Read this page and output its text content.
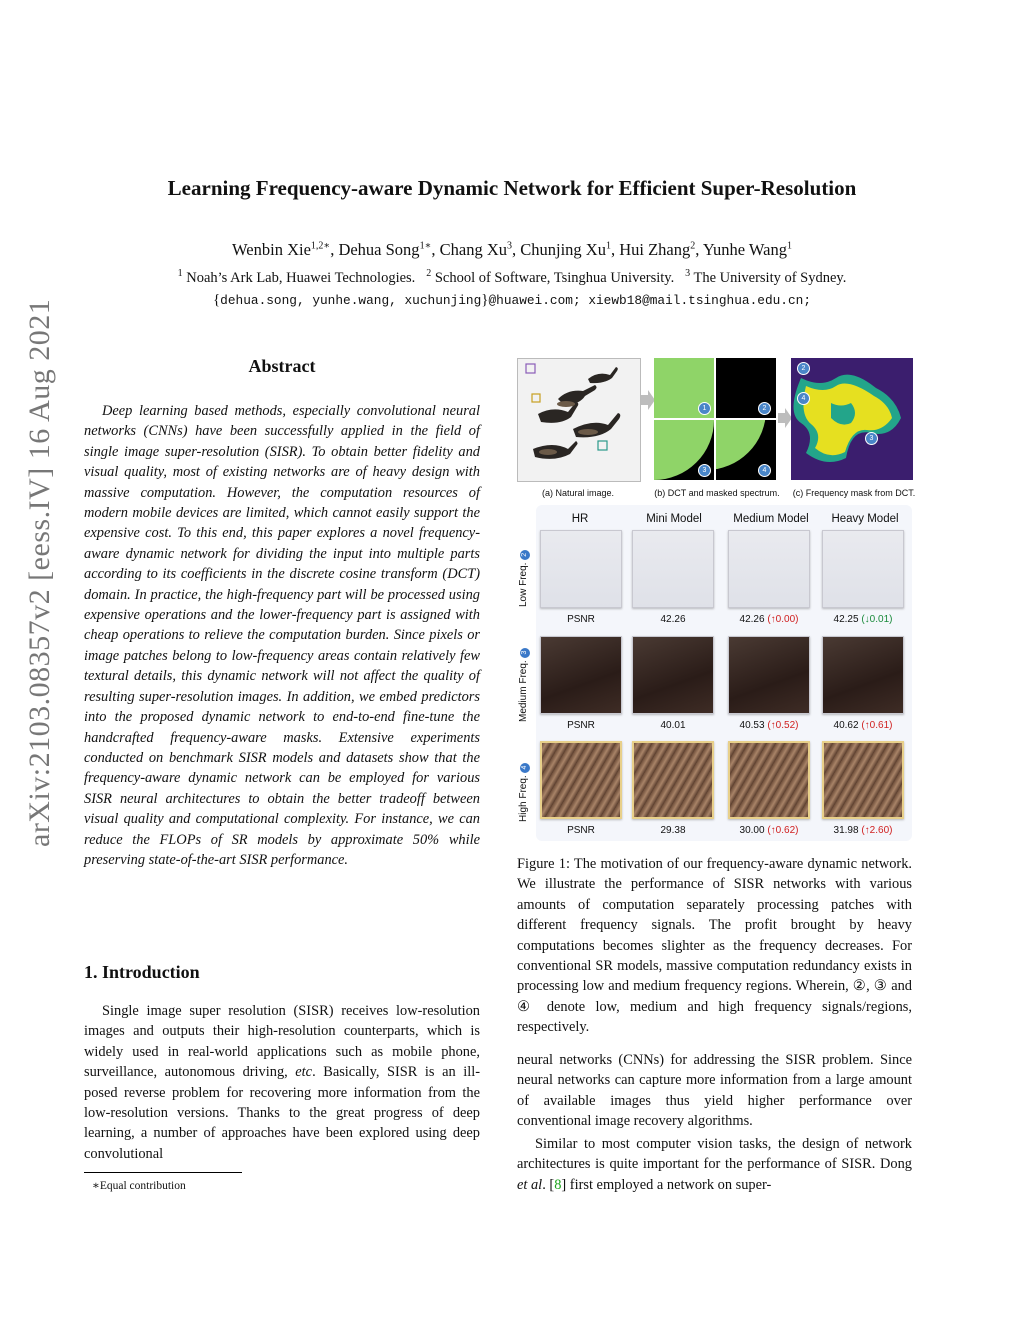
Learning Frequency-aware Dynamic Network for Efficient Super-Resolution
Wenbin Xie$^{1,2∗}$, Dehua Song$^{1∗}$, Chang Xu$^3$, Chunjing Xu$^1$, Hui Zhang$^2$, Yunhe Wang$^1$
$^1$ Noah’s Ark Lab, Huawei Technologies. $^2$ School of Software, Tsinghua University. $^3$ The University of Sydney.
{dehua.song, yunhe.wang, xuchunjing}@huawei.com; xiewb18@mail.tsinghua.edu.cn;
arXiv:2103.08357v2 [eess.IV] 16 Aug 2021	Abstract

Deep learning based methods, especially convolutional neural networks (CNNs) have been successfully applied in the field of single image super-resolution (SISR). To obtain better fidelity and visual quality, most of existing networks are of heavy design with massive computation. However, the computation resources of modern mobile devices are limited, which cannot easily support the expensive cost. To this end, this paper explores a novel frequency-aware dynamic network for dividing the input into multiple parts according to its coefficients in the discrete cosine transform (DCT) domain. In practice, the high-frequency part will be processed using expensive operations and the lower-frequency part is assigned with cheap operations to relieve the computation burden. Since pixels or image patches belong to low-frequency areas contain relatively few textural details, this dynamic network will not affect the quality of resulting super-resolution images. In addition, we embed predictors into the proposed dynamic network to end-to-end fine-tune the handcrafted frequency-aware masks. Extensive experiments conducted on benchmark SISR models and datasets show that the frequency-aware dynamic network can be employed for various SISR neural architectures to obtain the better tradeoff between visual quality and computational complexity. For instance, we can reduce the FLOPs of SR models by approximate 50% while preserving state-of-the-art SISR performance.

1. Introduction

Single image super resolution (SISR) receives low-resolution images and outputs their high-resolution counterparts, which is widely used in real-world applications such as mobile phone, surveillance, autonomous driving, etc. Basically, SISR is an ill-posed reverse problem for recovering more information from the low-resolution versions. Thanks to the great progress of deep learning, a number of approaches have been explored using deep convolutional

∗Equal contribution
1	2
3	4
2
4
3
(a) Natural image.	(b) DCT and masked spectrum.	(c) Frequency mask from DCT.
HR	Mini Model	Medium Model	Heavy Model
Low Freq. 2
Medium Freq. 3
High Freq. 4
PSNR	42.26	42.26 (↑0.00)	42.25 (↓0.01)
PSNR	40.01	40.53 (↑0.52)	40.62 (↑0.61)
PSNR	29.38	30.00 (↑0.62)	31.98 (↑2.60)

Figure 1: The motivation of our frequency-aware dynamic network. We illustrate the performance of SISR networks with various amounts of computation separately processing patches with different frequency signals. The profit brought by heavy computations becomes slighter as the frequency decreases. For conventional SR models, massive computation redundancy exists in processing low and medium frequency regions. Wherein, ②, ③ and ④ denote low, medium and high frequency signals/regions, respectively.

neural networks (CNNs) for addressing the SISR problem. Since neural networks can capture more information from a large amount of available images thus yield higher performance over conventional image recovery algorithms.

Similar to most computer vision tasks, the design of network architectures is quite important for the performance of SISR. Dong et al. [8] first employed a network on super-
